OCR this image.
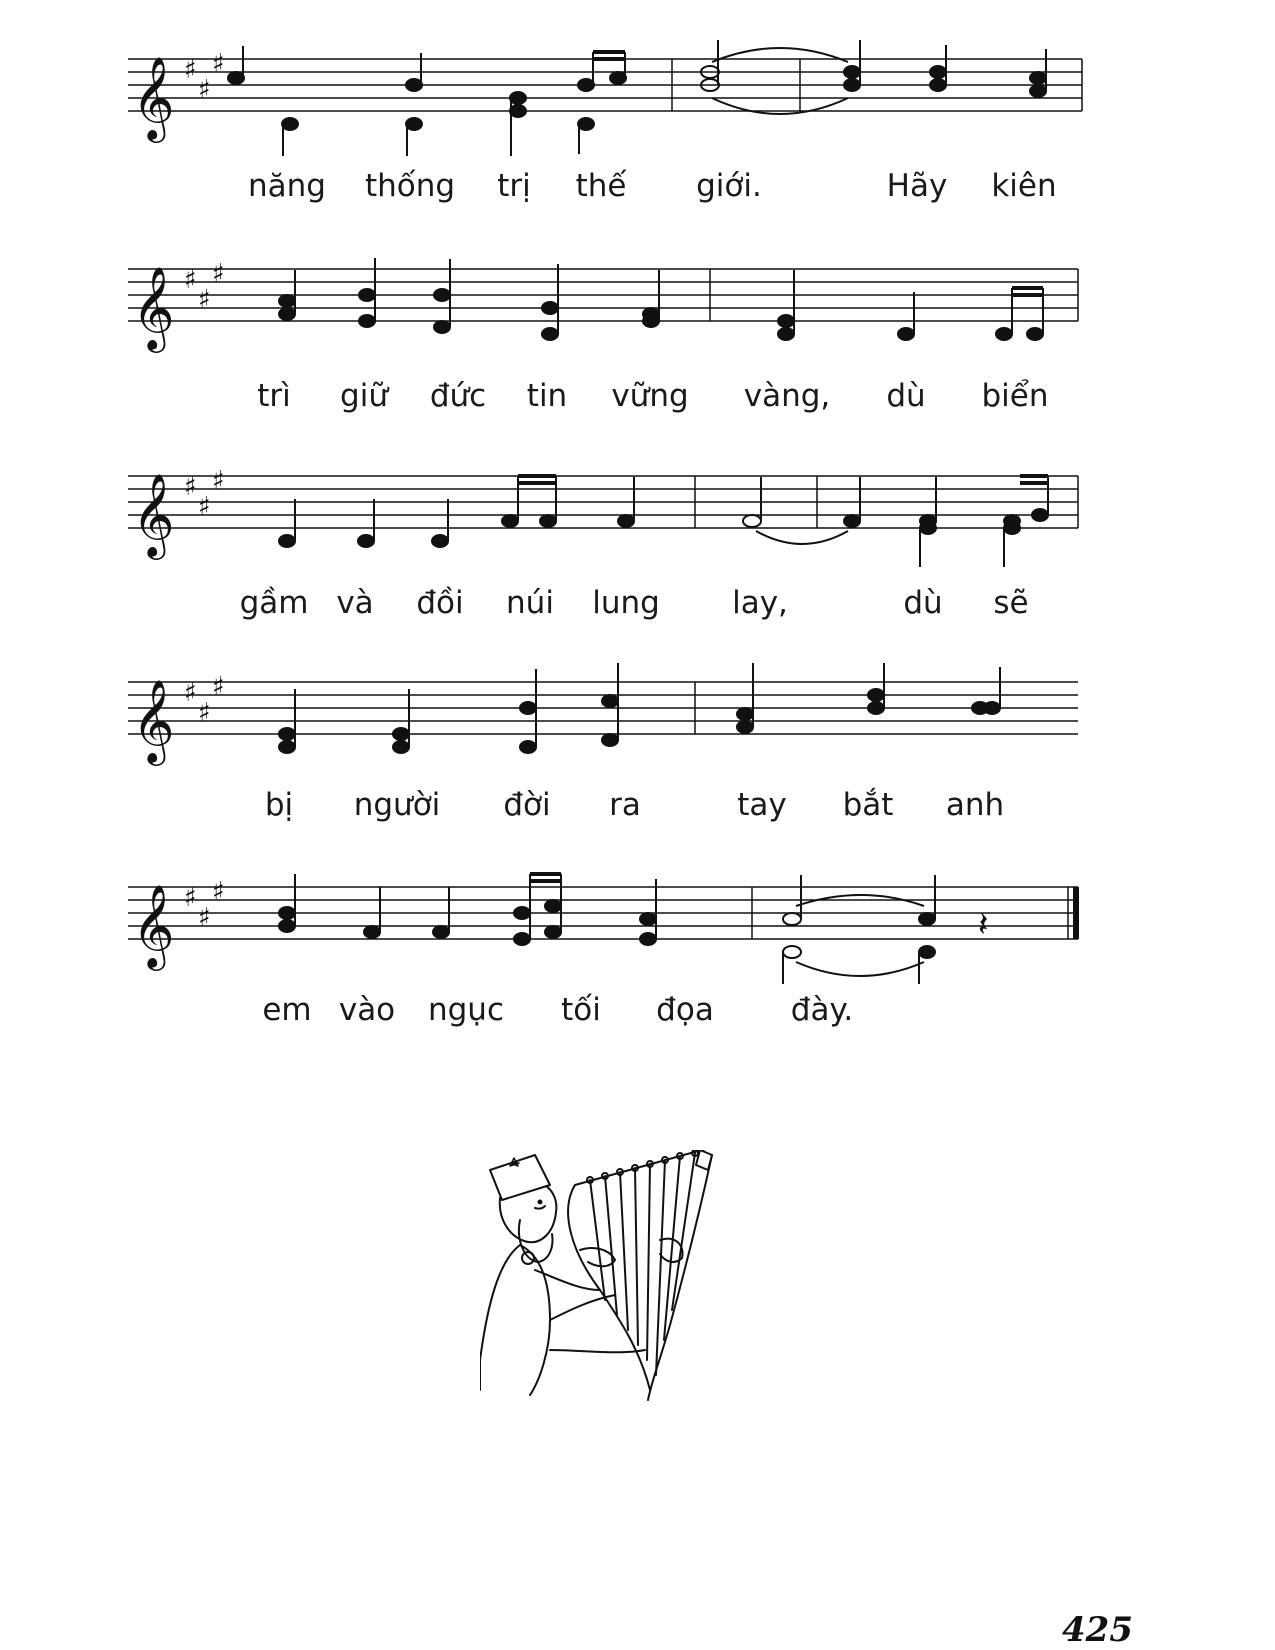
𝄞 ♯
♯
♯
năng thống trị thế giới.	Hãy kiên
𝄞 ♯
♯
♯
trì giữ đức tin vững vàng, dù biển
𝄞 ♯
♯
♯
gầm và đồi núi lung lay,	dù sẽ
𝄞 ♯
♯
♯
bị người đời ra	tay bắt anh
𝄞 ♯
♯
♯
𝄽
em vào ngục tối đọa đày.
425
